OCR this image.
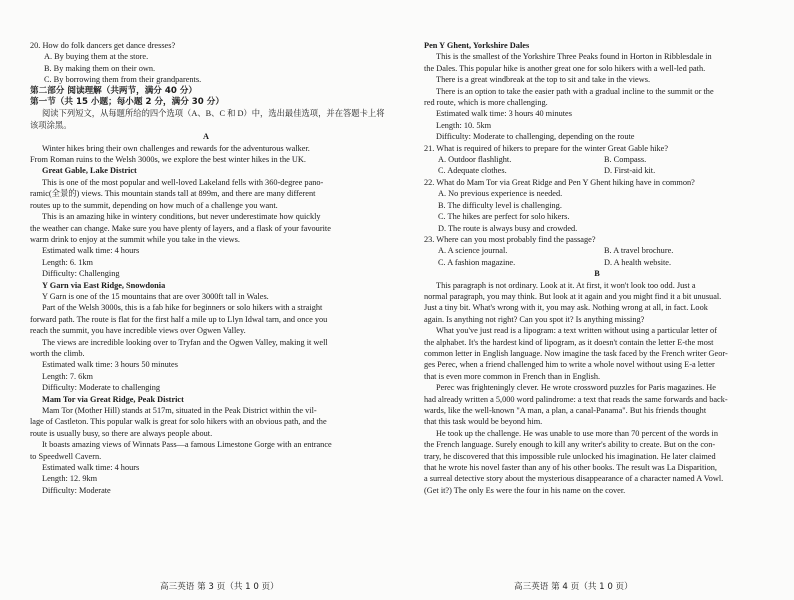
20. How do folk dancers get dance dresses?
A. By buying them at the store.
B. By making them on their own.
C. By borrowing them from their grandparents.
第二部分 阅读理解（共两节，满分 40 分）
第一节（共 15 小题；每小题 2 分，满分 30 分）
阅读下列短文，从每题所给的四个选项（A、B、C 和 D）中，选出最佳选项，并在答题卡上将
该项涂黑。
A
Winter hikes bring their own challenges and rewards for the adventurous walker.
From Roman ruins to the Welsh 3000s, we explore the best winter hikes in the UK.
Great Gable, Lake District
This is one of the most popular and well-loved Lakeland fells with 360-degree pano-
ramic(全景的) views. This mountain stands tall at 899m, and there are many different
routes up to the summit, depending on how much of a challenge you want.
This is an amazing hike in wintery conditions, but never underestimate how quickly
the weather can change. Make sure you have plenty of layers, and a flask of your favourite
warm drink to enjoy at the summit while you take in the views.
Estimated walk time: 4 hours
Length: 6. 1km
Difficulty: Challenging
Y Garn via East Ridge, Snowdonia
Y Garn is one of the 15 mountains that are over 3000ft tall in Wales.
Part of the Welsh 3000s, this is a fab hike for beginners or solo hikers with a straight
forward path. The route is flat for the first half a mile up to Llyn Idwal tarn, and once you
reach the summit, you have incredible views over Ogwen Valley.
The views are incredible looking over to Tryfan and the Ogwen Valley, making it well
worth the climb.
Estimated walk time: 3 hours 50 minutes
Length: 7. 6km
Difficulty: Moderate to challenging
Mam Tor via Great Ridge, Peak District
Mam Tor (Mother Hill) stands at 517m, situated in the Peak District within the vil-
lage of Castleton. This popular walk is great for solo hikers with an obvious path, and the
route is usually busy, so there are always people about.
It boasts amazing views of Winnats Pass—a famous Limestone Gorge with an entrance
to Speedwell Cavern.
Estimated walk time: 4 hours
Length: 12. 9km
Difficulty: Moderate
Pen Y Ghent, Yorkshire Dales
This is the smallest of the Yorkshire Three Peaks found in Horton in Ribblesdale in
the Dales. This popular hike is another great one for solo hikers with a well-led path.
There is a great windbreak at the top to sit and take in the views.
There is an option to take the easier path with a gradual incline to the summit or the
red route, which is more challenging.
Estimated walk time: 3 hours 40 minutes
Length: 10. 5km
Difficulty: Moderate to challenging, depending on the route
21. What is required of hikers to prepare for the winter Great Gable hike?
A. Outdoor flashlight.	B. Compass.
C. Adequate clothes.	D. First-aid kit.
22. What do Mam Tor via Great Ridge and Pen Y Ghent hiking have in common?
A. No previous experience is needed.
B. The difficulty level is challenging.
C. The hikes are perfect for solo hikers.
D. The route is always busy and crowded.
23. Where can you most probably find the passage?
A. A science journal.	B. A travel brochure.
C. A fashion magazine.	D. A health website.
B
This paragraph is not ordinary. Look at it. At first, it won't look too odd. Just a
normal paragraph, you may think. But look at it again and you might find it a bit unusual.
Just a tiny bit. What's wrong with it, you may ask. Nothing wrong at all, in fact. Look
again. Is anything not right? Can you spot it? Is anything missing?
What you've just read is a lipogram: a text written without using a particular letter of
the alphabet. It's the hardest kind of lipogram, as it doesn't contain the letter E-the most
common letter in English language. Now imagine the task faced by the French writer Geor-
ges Perec, when a friend challenged him to write a whole novel without using E-a letter
that is even more common in French than in English.
Perec was frighteningly clever. He wrote crossword puzzles for Paris magazines. He
had already written a 5,000 word palindrome: a text that reads the same forwards and back-
wards, like the well-known "A man, a plan, a canal-Panama". But his friends thought
that this task would be beyond him.
He took up the challenge. He was unable to use more than 70 percent of the words in
the French language. Surely enough to kill any writer's ability to create. But on the con-
trary, he discovered that this impossible rule unlocked his imagination. He later claimed
that he wrote his novel faster than any of his other books. The result was La Disparition,
a surreal detective story about the mysterious disappearance of a character named A Vowl.
(Get it?) The only Es were the four in his name on the cover.
高三英语 第 3 页（共 1 0 页）	高三英语 第 4 页（共 1 0 页）
